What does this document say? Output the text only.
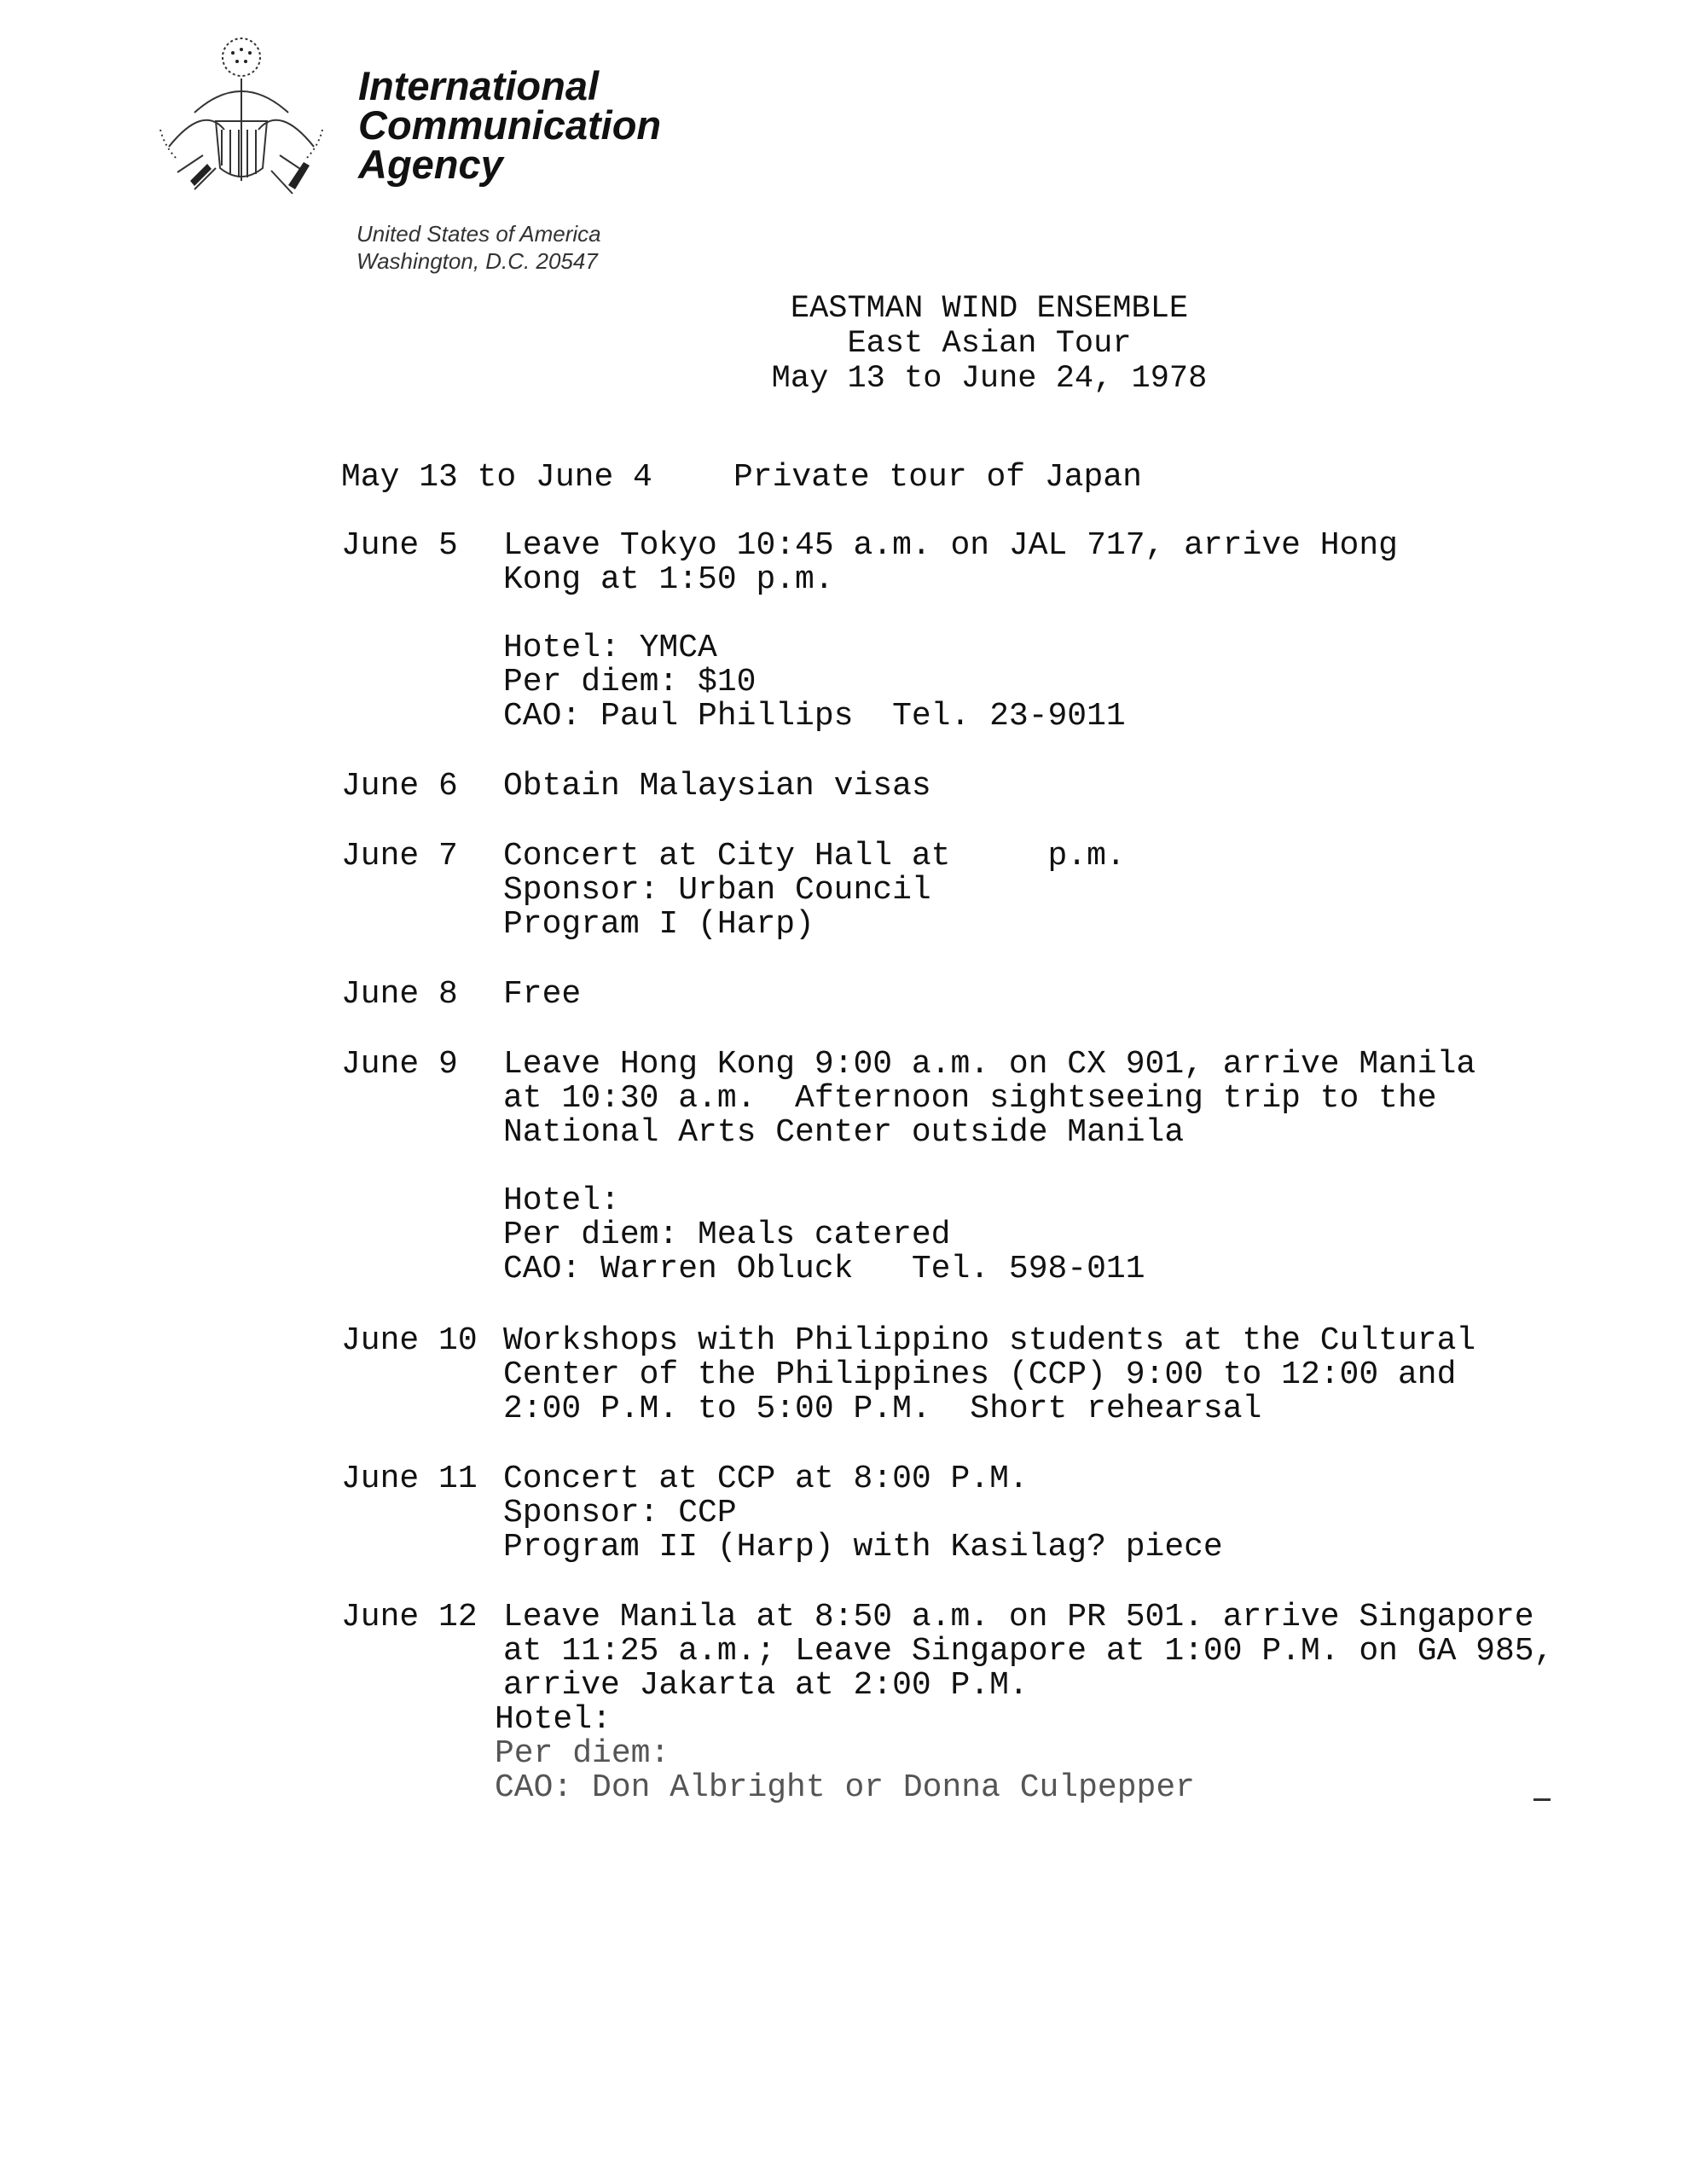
International
Communication
Agency
United States of America
Washington, D.C. 20547
EASTMAN WIND ENSEMBLE
East Asian Tour
May 13 to June 24, 1978

May 13 to June 4

	Private tour of Japan

June 5

Leave Tokyo 10:45 a.m. on JAL 717, arrive Hong

Kong at 1:50 p.m.

Hotel: YMCA

Per diem: $10

CAO: Paul Phillips  Tel. 23-9011

June 6

Obtain Malaysian visas

June 7

Concert at City Hall at     p.m.

Sponsor: Urban Council

Program I (Harp)

June 8

Free

June 9

Leave Hong Kong 9:00 a.m. on CX 901, arrive Manila

at 10:30 a.m.  Afternoon sightseeing trip to the

National Arts Center outside Manila

Hotel:

Per diem: Meals catered

CAO: Warren Obluck   Tel. 598-011

June 10

Workshops with Philippino students at the Cultural

Center of the Philippines (CCP) 9:00 to 12:00 and

2:00 P.M. to 5:00 P.M.  Short rehearsal

June 11

Concert at CCP at 8:00 P.M.

Sponsor: CCP

Program II (Harp) with Kasilag? piece

June 12

Leave Manila at 8:50 a.m. on PR 501. arrive Singapore

at 11:25 a.m.; Leave Singapore at 1:00 P.M. on GA 985,

arrive Jakarta at 2:00 P.M.

Hotel:

Per diem:

CAO: Don Albright or Donna Culpepper
